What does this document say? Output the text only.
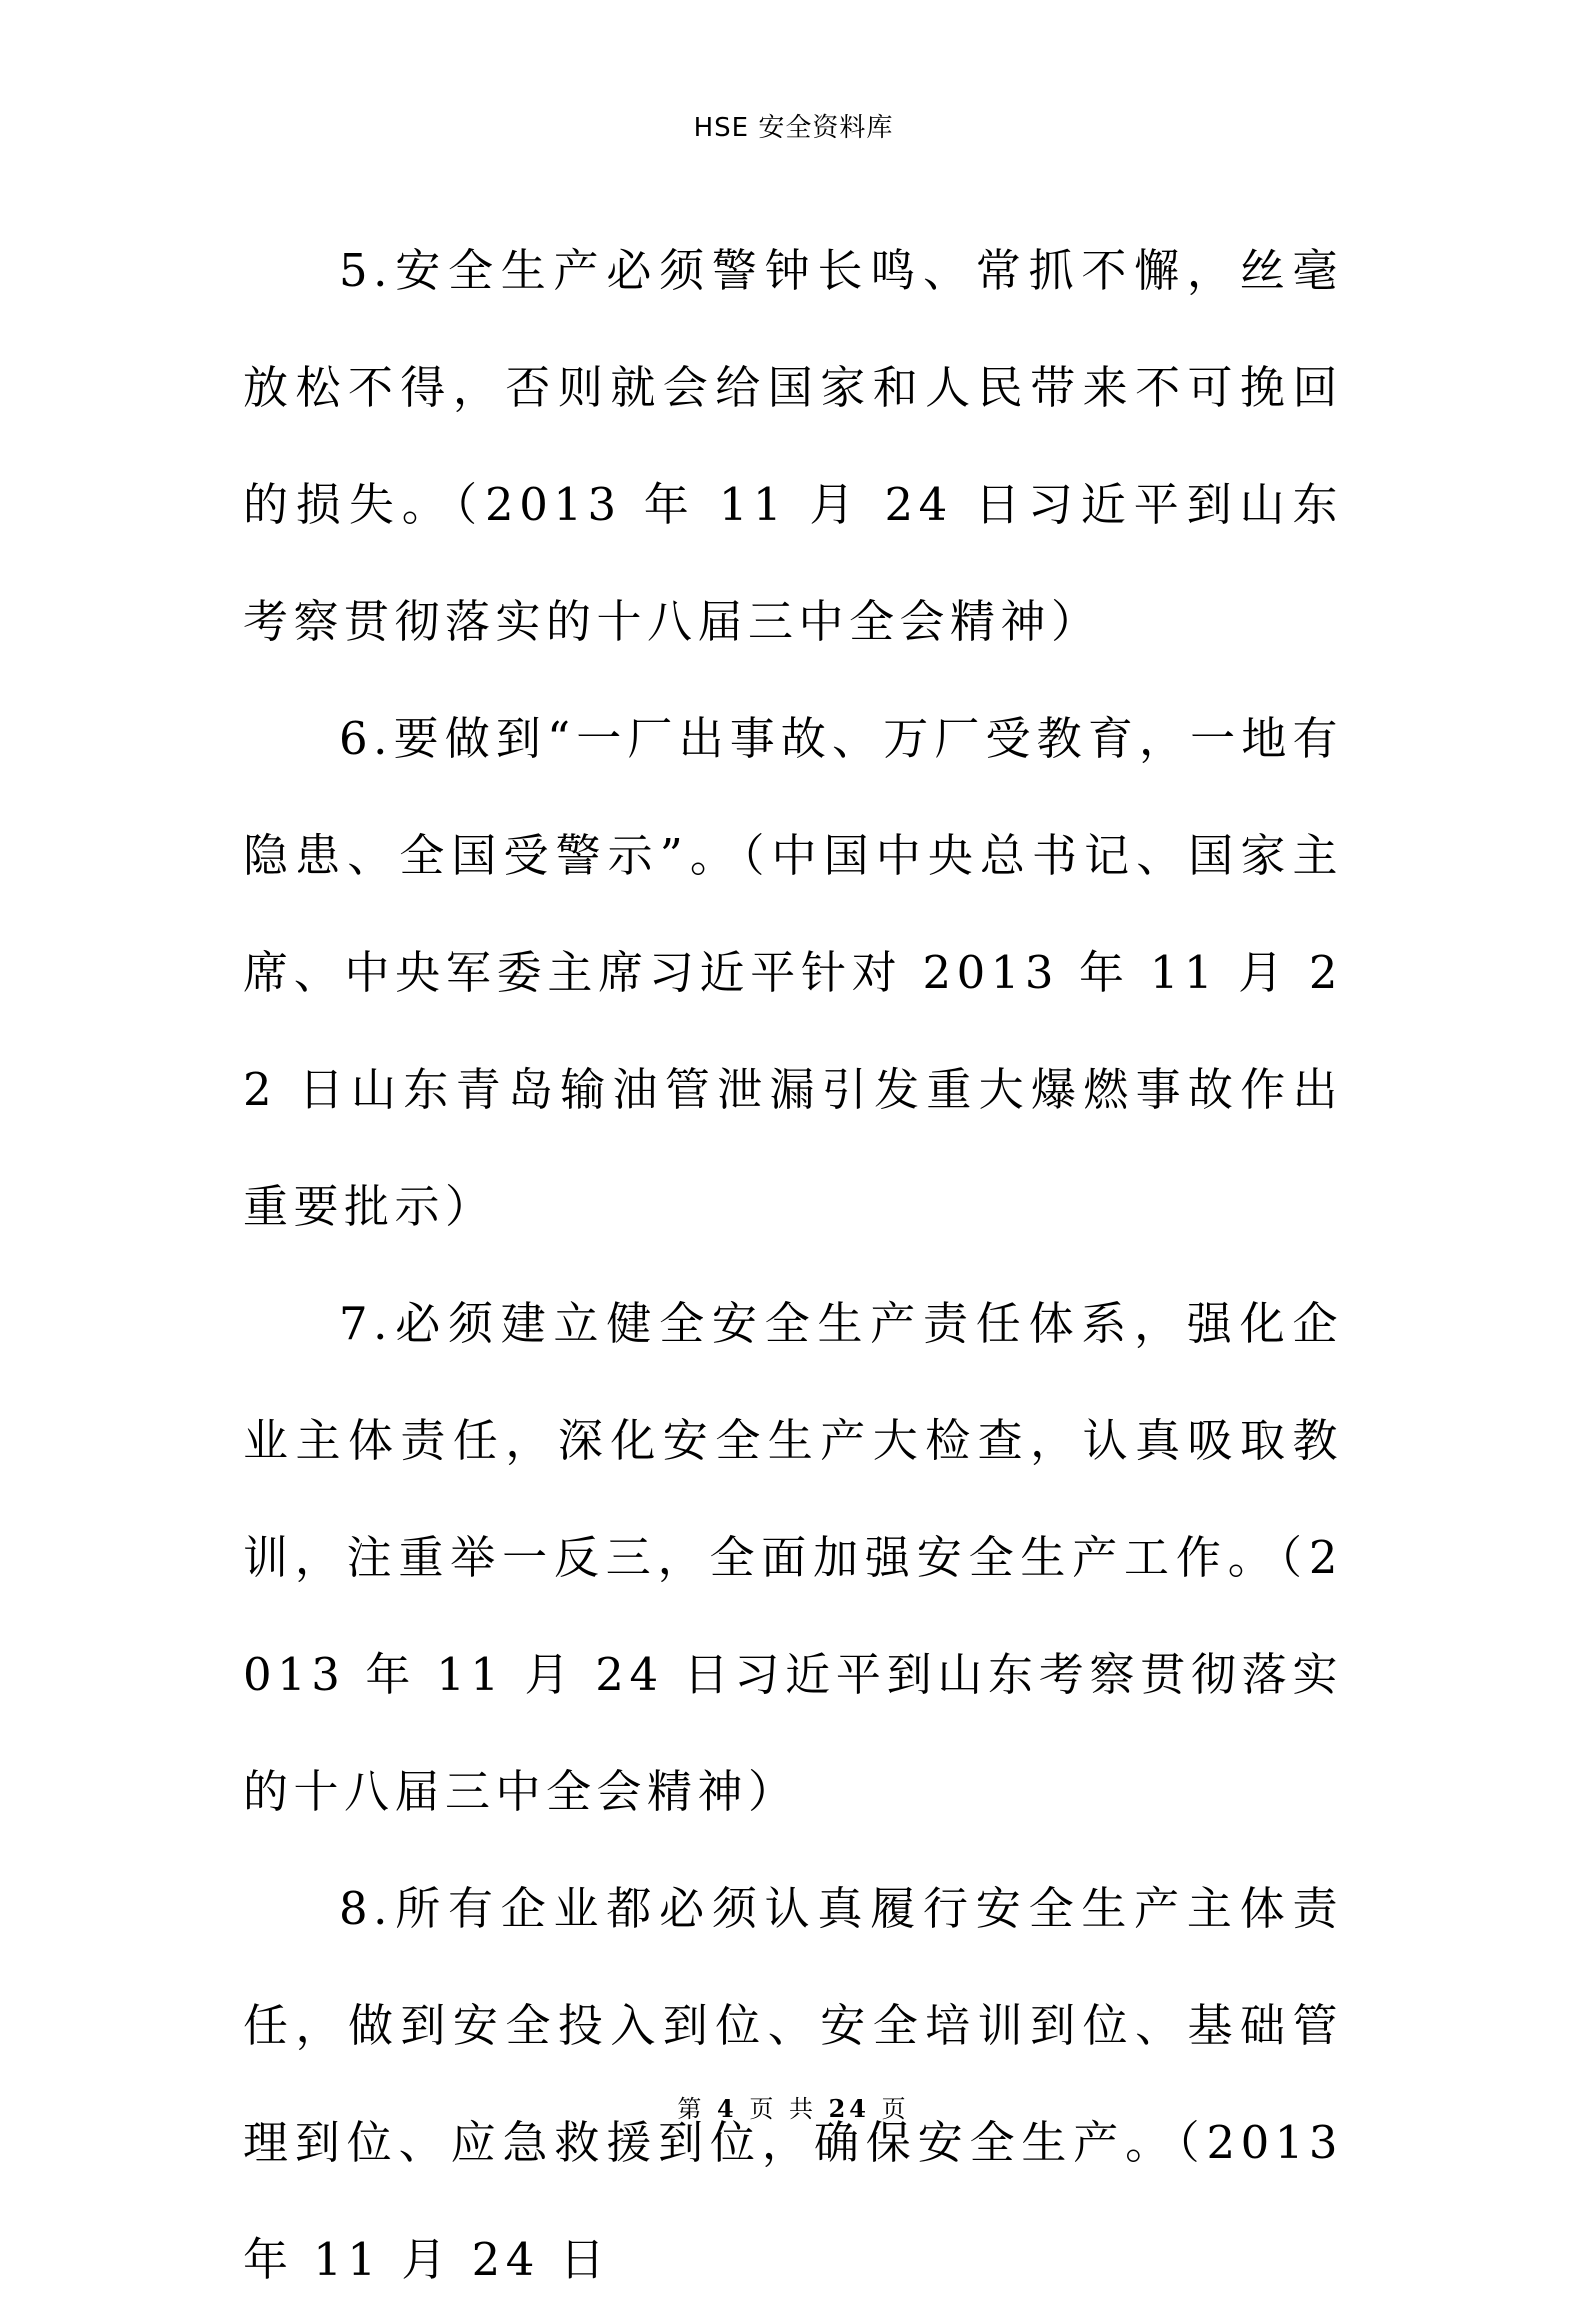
HSE 安全资料库

5.安全生产必须警钟长鸣、常抓不懈，丝毫放松不得，否则就会给国家和人民带来不可挽回的损失。（2013 年 11 月 24 日习近平到山东考察贯彻落实的十八届三中全会精神）

6.要做到“一厂出事故、万厂受教育，一地有隐患、全国受警示”。（中国中央总书记、国家主席、中央军委主席习近平针对 2013 年 11 月 22 日山东青岛输油管泄漏引发重大爆燃事故作出重要批示）

7.必须建立健全安全生产责任体系，强化企业主体责任，深化安全生产大检查，认真吸取教训，注重举一反三，全面加强安全生产工作。（2013 年 11 月 24 日习近平到山东考察贯彻落实的十八届三中全会精神）

8.所有企业都必须认真履行安全生产主体责任，做到安全投入到位、安全培训到位、基础管理到位、应急救援到位，确保安全生产。（2013 年 11 月 24 日

第 4 页 共 24 页
